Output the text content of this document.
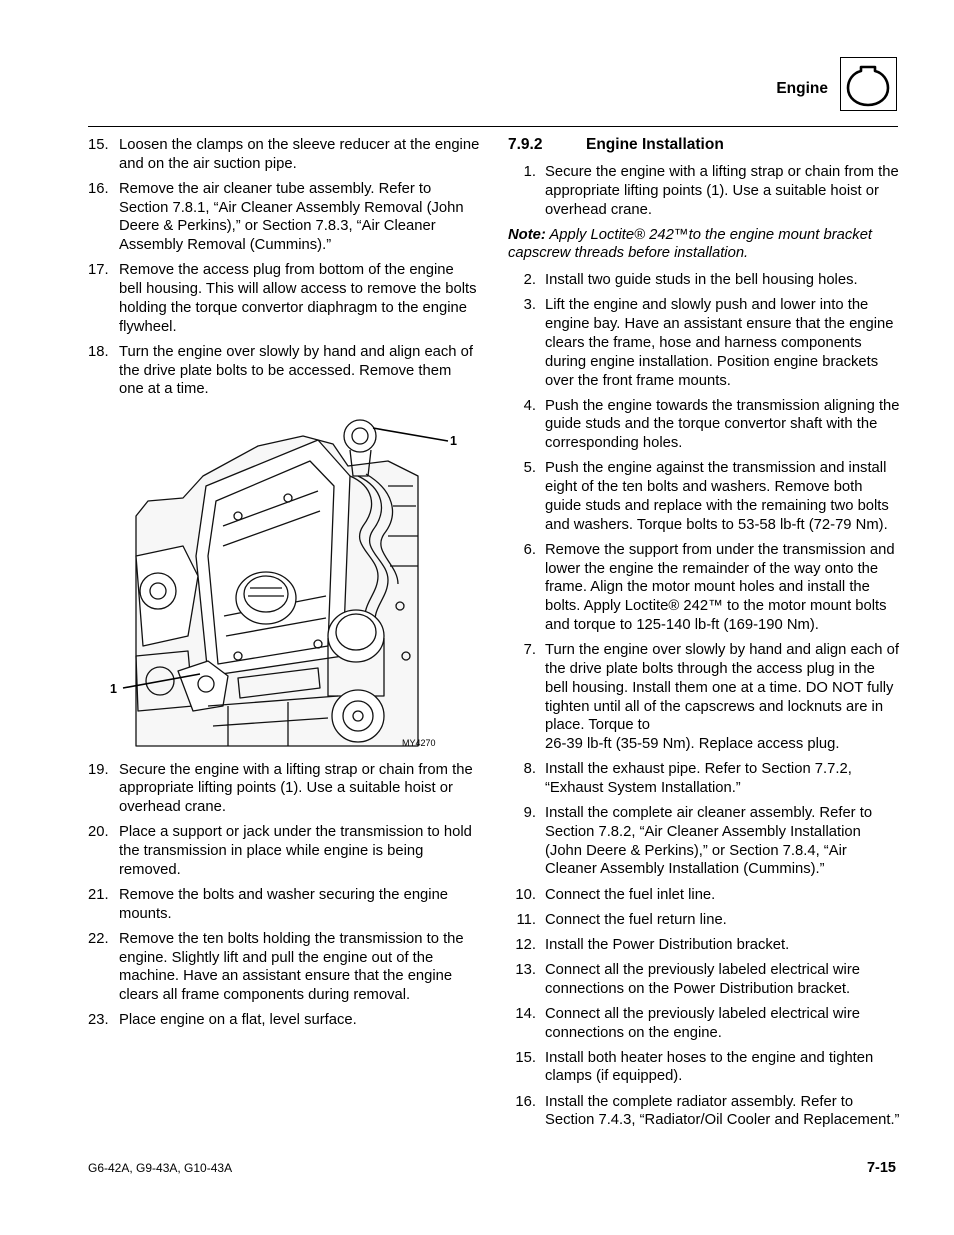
Engine
15. Loosen the clamps on the sleeve reducer at the engine and on the air suction pipe.
16. Remove the air cleaner tube assembly. Refer to Section 7.8.1, “Air Cleaner Assembly Removal (John Deere & Perkins),” or Section 7.8.3, “Air Cleaner Assembly Removal (Cummins).”
17. Remove the access plug from bottom of the engine bell housing. This will allow access to remove the bolts holding the torque convertor diaphragm to the engine flywheel.
18. Turn the engine over slowly by hand and align each of the drive plate bolts to be accessed. Remove them one at a time.
1
1
MY4270
19. Secure the engine with a lifting strap or chain from the appropriate lifting points (1). Use a suitable hoist or overhead crane.
20. Place a support or jack under the transmission to hold the transmission in place while engine is being removed.
21. Remove the bolts and washer securing the engine mounts.
22. Remove the ten bolts holding the transmission to the engine. Slightly lift and pull the engine out of the machine. Have an assistant ensure that the engine clears all frame components during removal.
23. Place engine on a flat, level surface.
7.9.2	Engine Installation
1. Secure the engine with a lifting strap or chain from the appropriate lifting points (1). Use a suitable hoist or overhead crane.
Note: Apply Loctite® 242™to the engine mount bracket capscrew threads before installation.
2. Install two guide studs in the bell housing holes.
3. Lift the engine and slowly push and lower into the engine bay. Have an assistant ensure that the engine clears the frame, hose and harness components during engine installation. Position engine brackets over the front frame mounts.
4. Push the engine towards the transmission aligning the guide studs and the torque convertor shaft with the corresponding holes.
5. Push the engine against the transmission and install eight of the ten bolts and washers. Remove both guide studs and replace with the remaining two bolts and washers. Torque bolts to 53-58 lb-ft (72-79 Nm).
6. Remove the support from under the transmission and lower the engine the remainder of the way onto the frame. Align the motor mount holes and install the bolts. Apply Loctite® 242™ to the motor mount bolts and torque to 125-140 lb-ft (169-190 Nm).
7. Turn the engine over slowly by hand and align each of the drive plate bolts through the access plug in the bell housing. Install them one at a time. DO NOT fully tighten until all of the capscrews and locknuts are in place. Torque to
26-39 lb-ft (35-59 Nm). Replace access plug.
8. Install the exhaust pipe. Refer to Section 7.7.2, “Exhaust System Installation.”
9. Install the complete air cleaner assembly. Refer to Section 7.8.2, “Air Cleaner Assembly Installation (John Deere & Perkins),” or Section 7.8.4, “Air Cleaner Assembly Installation (Cummins).”
10. Connect the fuel inlet line.
11. Connect the fuel return line.
12. Install the Power Distribution bracket.
13. Connect all the previously labeled electrical wire connections on the Power Distribution bracket.
14. Connect all the previously labeled electrical wire connections on the engine.
15. Install both heater hoses to the engine and tighten clamps (if equipped).
16. Install the complete radiator assembly. Refer to Section 7.4.3, “Radiator/Oil Cooler and Replacement.”
G6-42A, G9-43A, G10-43A	7-15
